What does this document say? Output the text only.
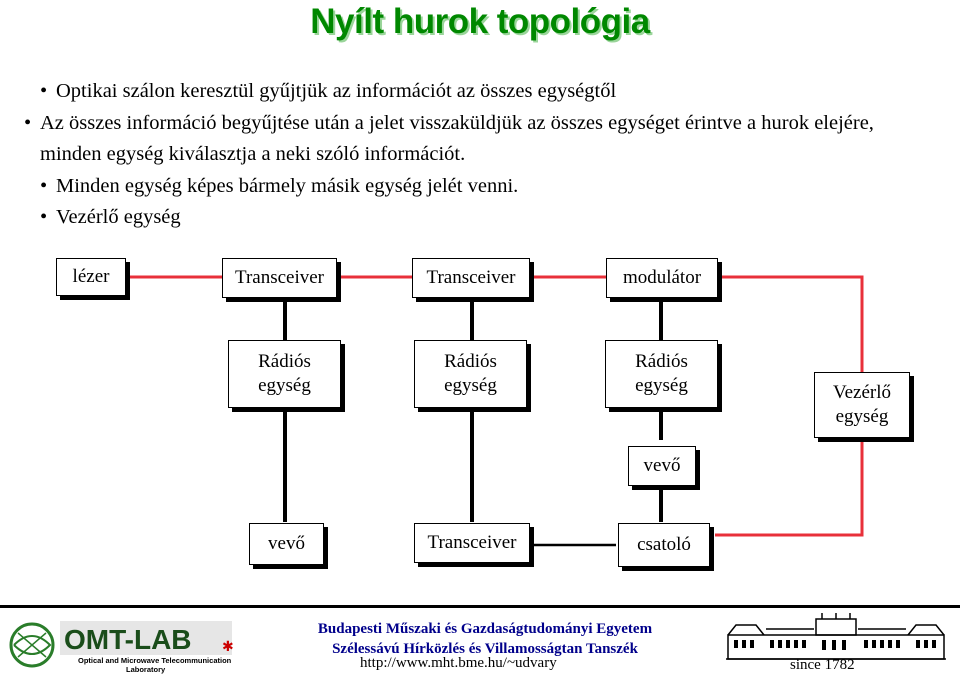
Nyílt hurok topológia

• Optikai szálon keresztül gyűjtjük az információt az összes egységtől

• Az összes információ begyűjtése után a jelet visszaküldjük az összes egységet érintve a hurok elejére, minden egység kiválasztja a neki szóló információt.

• Minden egység képes bármely másik egység jelét venni.

• Vezérlő egység

lézer	Transceiver	Transceiver	modulátor
Rádiós
egység
Rádiós
egység
Rádiós
egység	Vezérlő
egység
vevő
vevő	Transceiver	csatoló
OMT-LAB
Optical and Microwave Telecommunication
Laboratory
✱
Budapesti Műszaki és Gazdaságtudományi Egyetem
Szélessávú Hírközlés és Villamosságtan Tanszék
http://www.mht.bme.hu/~udvary	since 1782
